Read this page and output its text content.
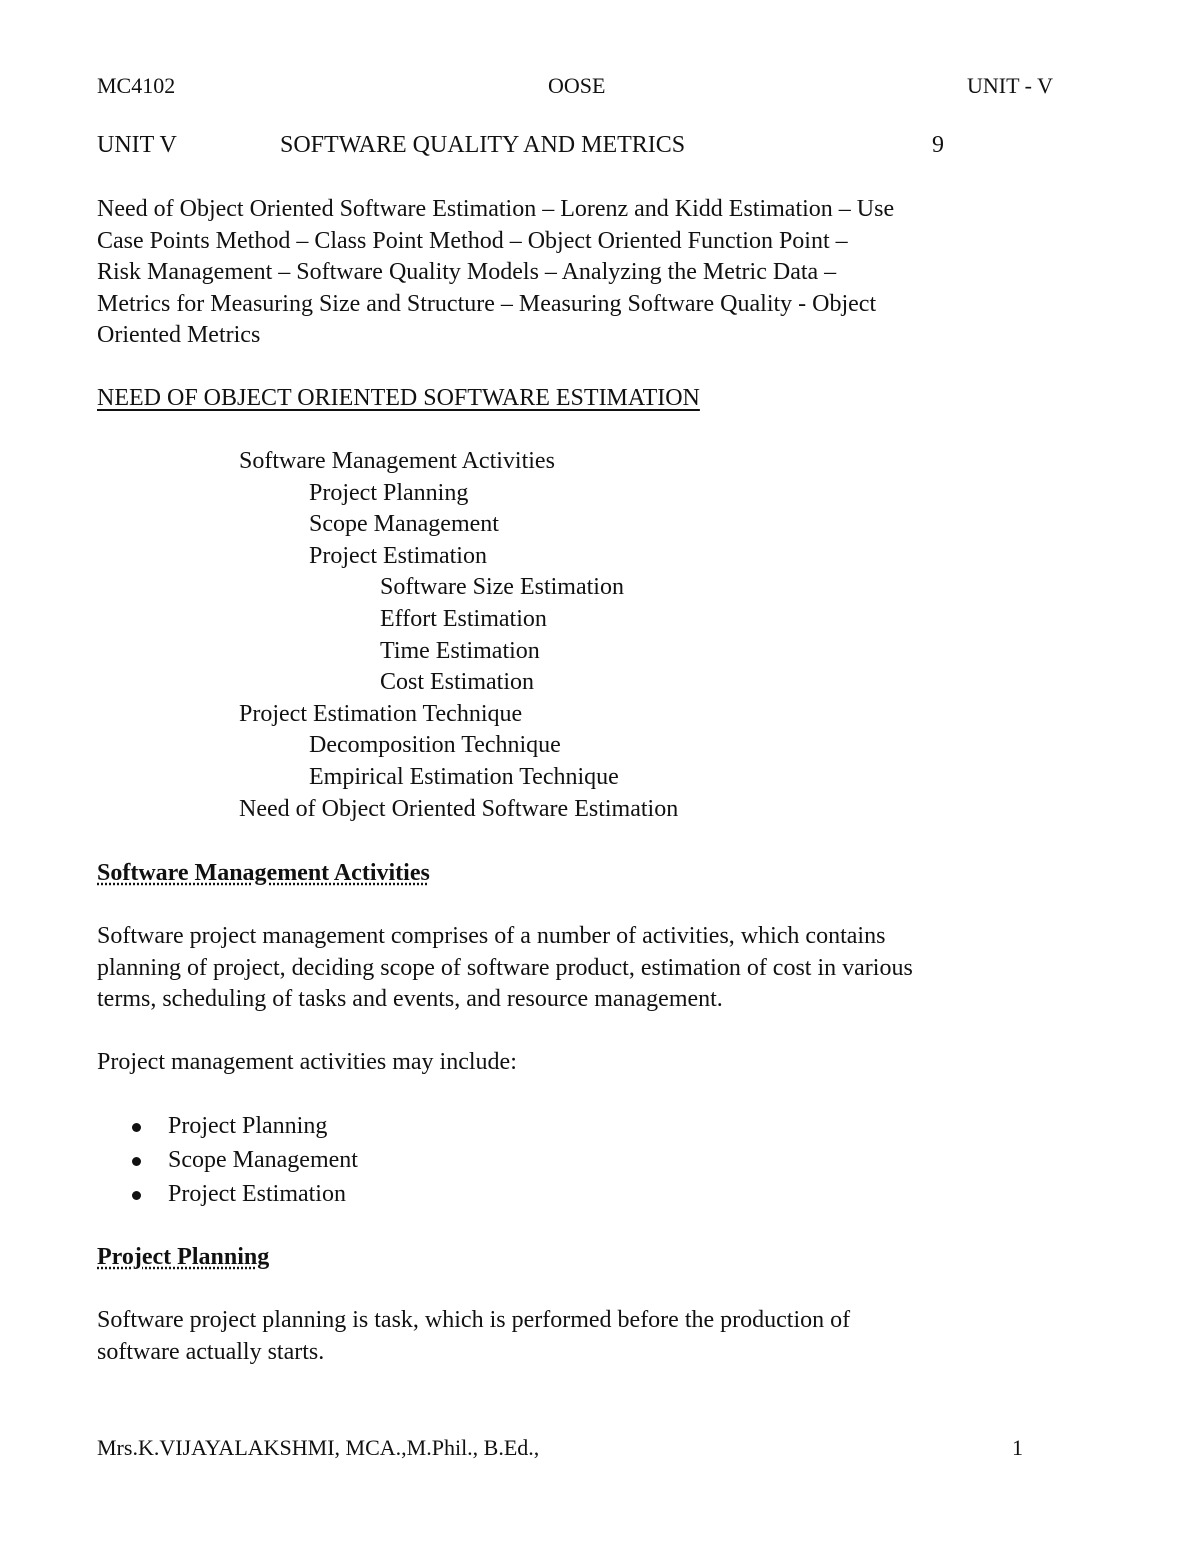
MC4102	OOSE	UNIT - V
UNIT V	SOFTWARE QUALITY AND METRICS	9
Need of Object Oriented Software Estimation – Lorenz and Kidd Estimation – Use
Case Points Method – Class Point Method – Object Oriented Function Point –
Risk Management – Software Quality Models – Analyzing the Metric Data –
Metrics for Measuring Size and Structure – Measuring Software Quality - Object
Oriented Metrics
NEED OF OBJECT ORIENTED SOFTWARE ESTIMATION
Software Management Activities
Project Planning
Scope Management
Project Estimation
Software Size Estimation
Effort Estimation
Time Estimation
Cost Estimation
Project Estimation Technique
Decomposition Technique
Empirical Estimation Technique
Need of Object Oriented Software Estimation
Software Management Activities
Software project management comprises of a number of activities, which contains
planning of project, deciding scope of software product, estimation of cost in various
terms, scheduling of tasks and events, and resource management.
Project management activities may include:
Project Planning
Scope Management
Project Estimation
Project Planning
Software project planning is task, which is performed before the production of
software actually starts.
Mrs.K.VIJAYALAKSHMI, MCA.,M.Phil., B.Ed.,	1
